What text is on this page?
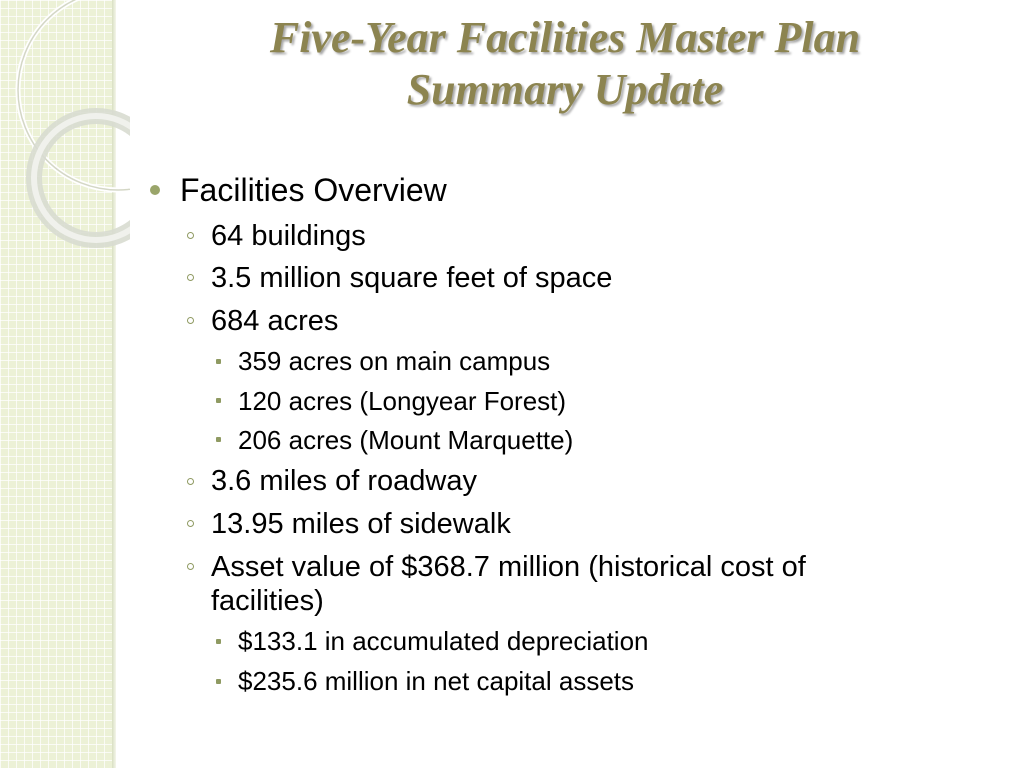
Five-Year Facilities Master Plan
Summary Update
Facilities Overview
64 buildings
3.5 million square feet of space
684 acres
359 acres on main campus
120 acres (Longyear Forest)
206 acres (Mount Marquette)
3.6 miles of roadway
13.95 miles of sidewalk
Asset value of $368.7 million (historical cost of
facilities)
$133.1 in accumulated depreciation
$235.6 million in net capital assets
